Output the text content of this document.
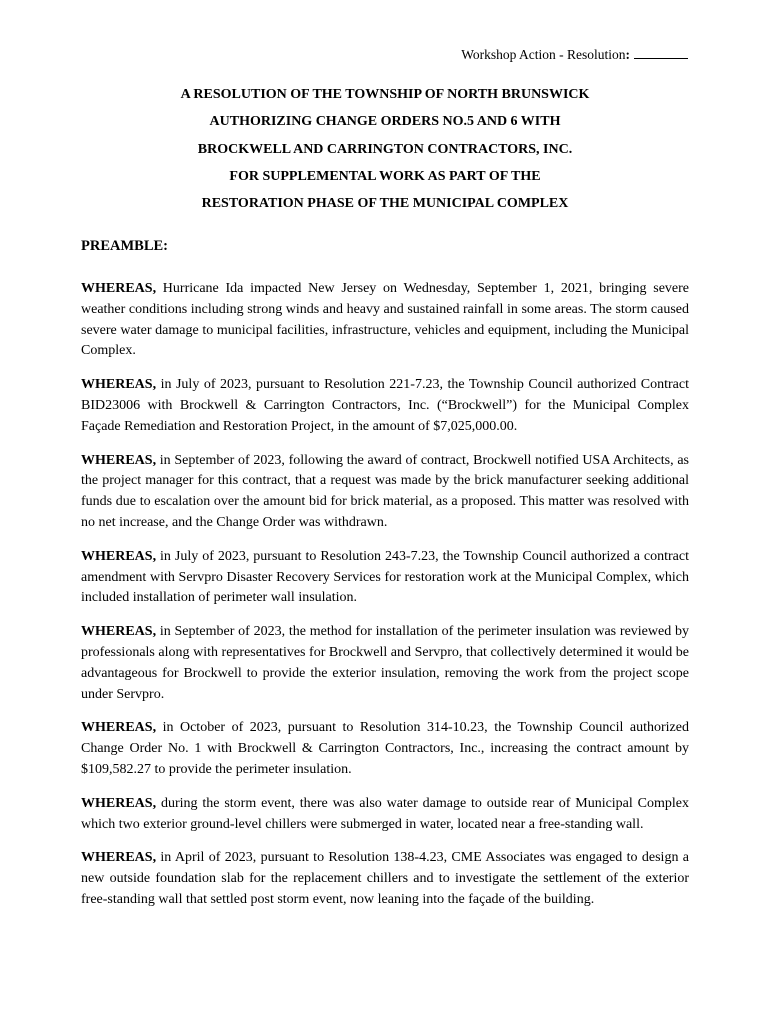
Workshop Action - Resolution:
A RESOLUTION OF THE TOWNSHIP OF NORTH BRUNSWICK
AUTHORIZING CHANGE ORDERS NO.5 AND 6 WITH
BROCKWELL AND CARRINGTON CONTRACTORS, INC.
FOR SUPPLEMENTAL WORK AS PART OF THE
RESTORATION PHASE OF THE MUNICIPAL COMPLEX
PREAMBLE:

WHEREAS, Hurricane Ida impacted New Jersey on Wednesday, September 1, 2021, bringing severe weather conditions including strong winds and heavy and sustained rainfall in some areas. The storm caused severe water damage to municipal facilities, infrastructure, vehicles and equipment, including the Municipal Complex.

WHEREAS, in July of 2023, pursuant to Resolution 221-7.23, the Township Council authorized Contract BID23006 with Brockwell & Carrington Contractors, Inc. (“Brockwell”) for the Municipal Complex Façade Remediation and Restoration Project, in the amount of $7,025,000.00.

WHEREAS, in September of 2023, following the award of contract, Brockwell notified USA Architects, as the project manager for this contract, that a request was made by the brick manufacturer seeking additional funds due to escalation over the amount bid for brick material, as a proposed. This matter was resolved with no net increase, and the Change Order was withdrawn.

WHEREAS, in July of 2023, pursuant to Resolution 243-7.23, the Township Council authorized a contract amendment with Servpro Disaster Recovery Services for restoration work at the Municipal Complex, which included installation of perimeter wall insulation.

WHEREAS, in September of 2023, the method for installation of the perimeter insulation was reviewed by professionals along with representatives for Brockwell and Servpro, that collectively determined it would be advantageous for Brockwell to provide the exterior insulation, removing the work from the project scope under Servpro.

WHEREAS, in October of 2023, pursuant to Resolution 314-10.23, the Township Council authorized Change Order No. 1 with Brockwell & Carrington Contractors, Inc., increasing the contract amount by $109,582.27 to provide the perimeter insulation.

WHEREAS, during the storm event, there was also water damage to outside rear of Municipal Complex which two exterior ground-level chillers were submerged in water, located near a free-standing wall.

WHEREAS, in April of 2023, pursuant to Resolution 138-4.23, CME Associates was engaged to design a new outside foundation slab for the replacement chillers and to investigate the settlement of the exterior free-standing wall that settled post storm event, now leaning into the façade of the building.
